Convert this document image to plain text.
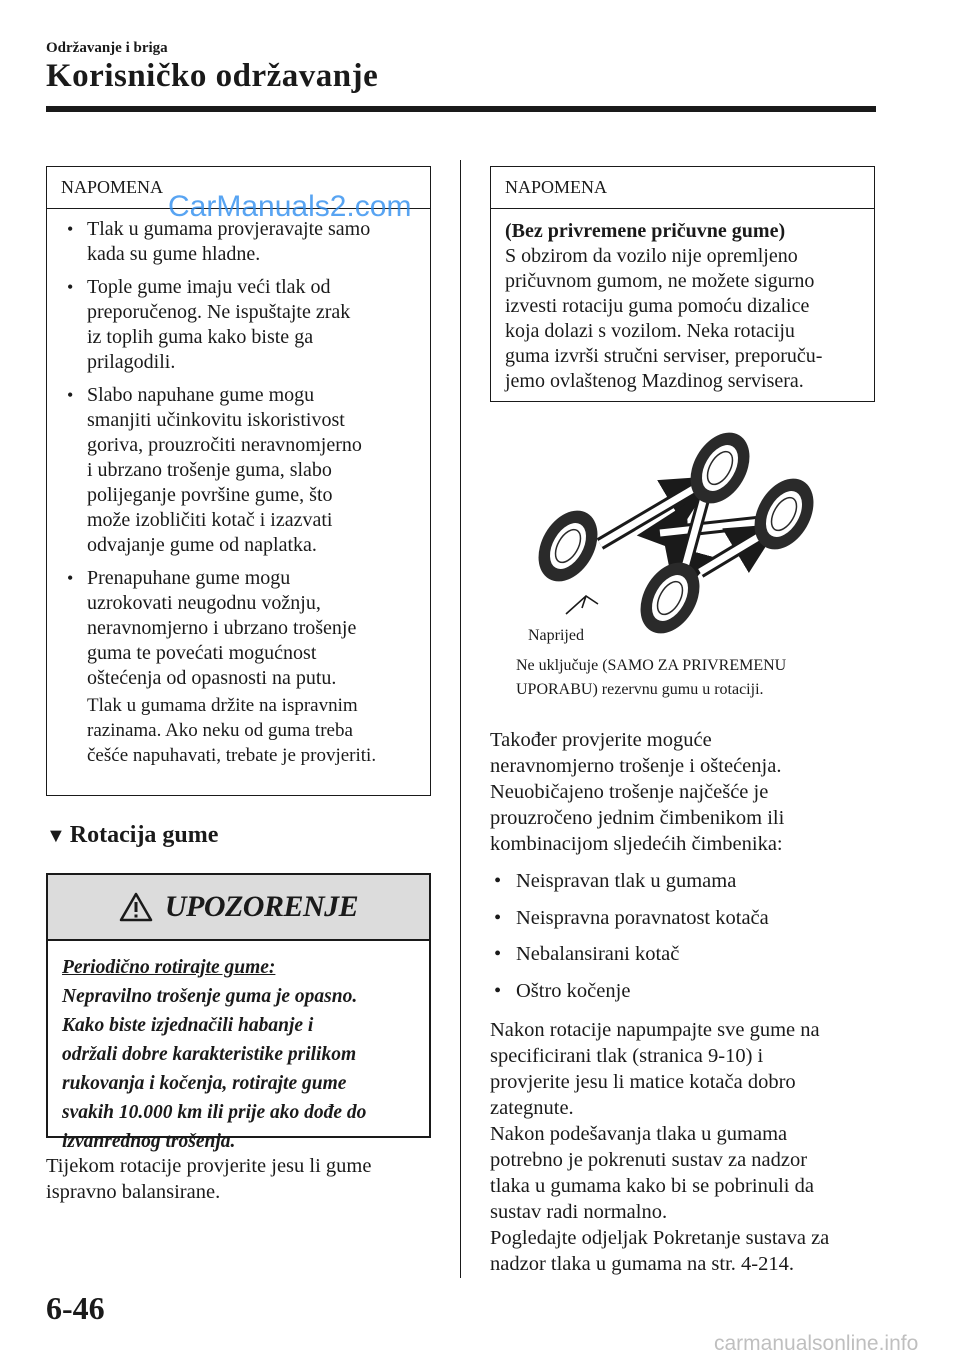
Održavanje i briga
Korisničko održavanje
NAPOMENA
• Tlak u gumama provjeravajte samo
kada su gume hladne.
• Tople gume imaju veći tlak od
preporučenog. Ne ispuštajte zrak
iz toplih guma kako biste ga
prilagodili.
• Slabo napuhane gume mogu
smanjiti učinkovitu iskoristivost
goriva, prouzročiti neravnomjerno
i ubrzano trošenje guma, slabo
polijeganje površine gume, što
može izobličiti kotač i izazvati
odvajanje gume od naplatka.
• Prenapuhane gume mogu
uzrokovati neugodnu vožnju,
neravnomjerno i ubrzano trošenje
guma te povećati mogućnost
oštećenja od opasnosti na putu.

Tlak u gumama držite na ispravnim
razinama. Ako neku od guma treba
češće napuhavati, trebate je provjeriti.

▼ Rotacija gume
UPOZORENJE
Periodično rotirajte gume:
Nepravilno trošenje guma je opasno.
Kako biste izjednačili habanje i
održali dobre karakteristike prilikom
rukovanja i kočenja, rotirajte gume
svakih 10.000 km ili prije ako dođe do
izvanrednog trošenja.

Tijekom rotacije provjerite jesu li gume
ispravno balansirane.

NAPOMENA

(Bez privremene pričuvne gume)

S obzirom da vozilo nije opremljeno
pričuvnom gumom, ne možete sigurno
izvesti rotaciju guma pomoću dizalice
koja dolazi s vozilom. Neka rotaciju
guma izvrši stručni serviser, preporuču-
jemo ovlaštenog Mazdinog servisera.

Naprijed
Ne uključuje (SAMO ZA PRIVREMENU
UPORABU) rezervnu gumu u rotaciji.

Također provjerite moguće
neravnomjerno trošenje i oštećenja.
Neuobičajeno trošenje najčešće je
prouzročeno jednim čimbenikom ili
kombinacijom sljedećih čimbenika:

• Neispravan tlak u gumama
• Neispravna poravnatost kotača
• Nebalansirani kotač
• Oštro kočenje

Nakon rotacije napumpajte sve gume na
specificirani tlak (stranica 9-10) i
provjerite jesu li matice kotača dobro
zategnute.
Nakon podešavanja tlaka u gumama
potrebno je pokrenuti sustav za nadzor
tlaka u gumama kako bi se pobrinuli da
sustav radi normalno.
Pogledajte odjeljak Pokretanje sustava za
nadzor tlaka u gumama na str. 4-214.

6-46
CarManuals2.com
carmanualsonline.info
